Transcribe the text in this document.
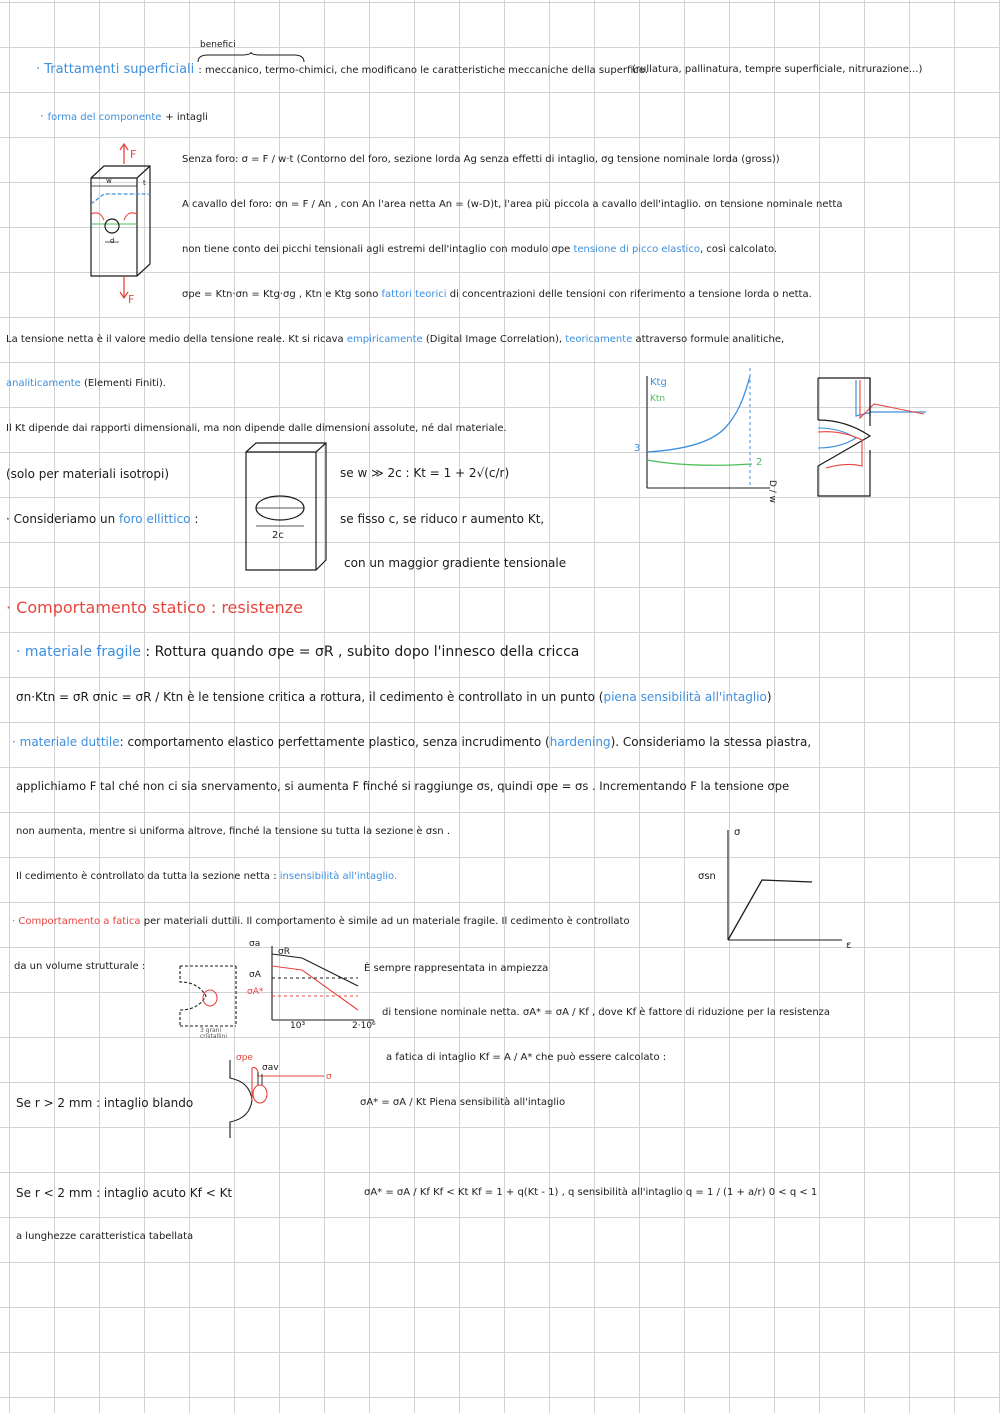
benefici
· Trattamenti superficiali : meccanico, termo-chimici, che modificano le caratteristiche meccaniche della superfice.
(rullatura, pallinatura, tempre superficiale, nitrurazione...)
· forma del componente + intagli
F
F
w	t
d
Senza foro: σ = F / w·t (Contorno del foro, sezione lorda Ag senza effetti di intaglio, σg tensione nominale lorda (gross))
A cavallo del foro: σn = F / An , con An l'area netta An = (w-D)t, l'area più piccola a cavallo dell'intaglio. σn tensione nominale netta
non tiene conto dei picchi tensionali agli estremi dell'intaglio con modulo σpe tensione di picco elastico, così calcolato.
σpe = Ktn·σn = Ktg·σg , Ktn e Ktg sono fattori teorici di concentrazioni delle tensioni con riferimento a tensione lorda o netta.
La tensione netta è il valore medio della tensione reale. Kt si ricava empiricamente (Digital Image Correlation), teoricamente attraverso formule analitiche,
analiticamente (Elementi Finiti).
Il Kt dipende dai rapporti dimensionali, ma non dipende dalle dimensioni assolute, né dal materiale.
(solo per materiali isotropi)
· Consideriamo un foro ellittico :
2c
se w ≫ 2c : Kt = 1 + 2√(c/r)
se fisso c, se riduco r aumento Kt,
con un maggior gradiente tensionale
Ktg
Ktn
3
2
D / w
· Comportamento statico : resistenze
· materiale fragile : Rottura quando σpe = σR , subito dopo l'innesco della cricca
σn·Ktn = σR σnic = σR / Ktn è le tensione critica a rottura, il cedimento è controllato in un punto (piena sensibilità all'intaglio)
· materiale duttile: comportamento elastico perfettamente plastico, senza incrudimento (hardening). Consideriamo la stessa piastra,
applichiamo F tal ché non ci sia snervamento, si aumenta F finché si raggiunge σs, quindi σpe = σs . Incrementando F la tensione σpe
non aumenta, mentre si uniforma altrove, finché la tensione su tutta la sezione è σsn .
Il cedimento è controllato da tutta la sezione netta : insensibilità all'intaglio.
σ
σsn
ε
· Comportamento a fatica per materiali duttili. Il comportamento è simile ad un materiale fragile. Il cedimento è controllato
da un volume strutturale :	È sempre rappresentata in ampiezza
di tensione nominale netta. σA* = σA / Kf , dove Kf è fattore di riduzione per la resistenza
a fatica di intaglio Kf = A / A* che può essere calcolato :
3 grani cristallini
σa
σR
σA
σA*
10³	2·10⁶
σpe
σav
σ
Se r > 2 mm : intaglio blando	σA* = σA / Kt Piena sensibilità all'intaglio
Se r < 2 mm : intaglio acuto Kf < Kt	σA* = σA / Kf Kf < Kt Kf = 1 + q(Kt - 1) , q sensibilità all'intaglio q = 1 / (1 + a/r) 0 < q < 1
a lunghezze caratteristica tabellata
